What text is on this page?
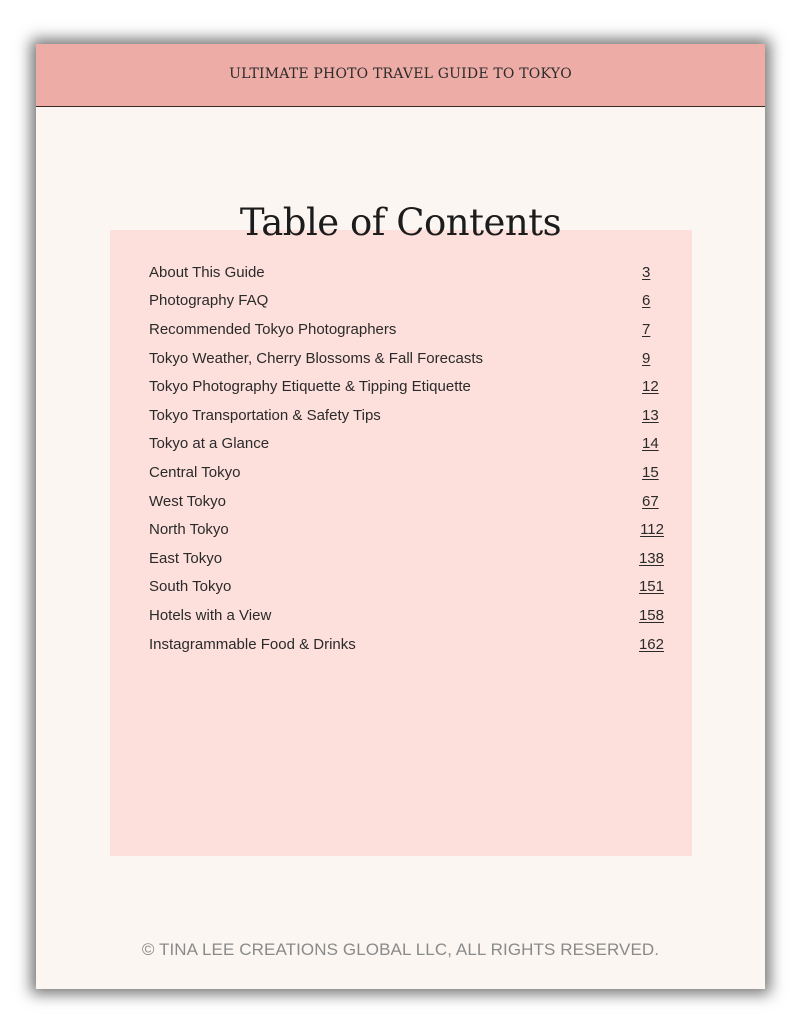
ULTIMATE PHOTO TRAVEL GUIDE TO TOKYO
Table of Contents
About This Guide	3
Photography FAQ	6
Recommended Tokyo Photographers	7
Tokyo Weather, Cherry Blossoms & Fall Forecasts	9
Tokyo Photography Etiquette & Tipping Etiquette	12
Tokyo Transportation & Safety Tips	13
Tokyo at a Glance	14
Central Tokyo	15
West Tokyo	67
North Tokyo	112
East Tokyo	138
South Tokyo	151
Hotels with a View	158
Instagrammable Food & Drinks	162
© TINA LEE CREATIONS GLOBAL LLC, ALL RIGHTS RESERVED.
